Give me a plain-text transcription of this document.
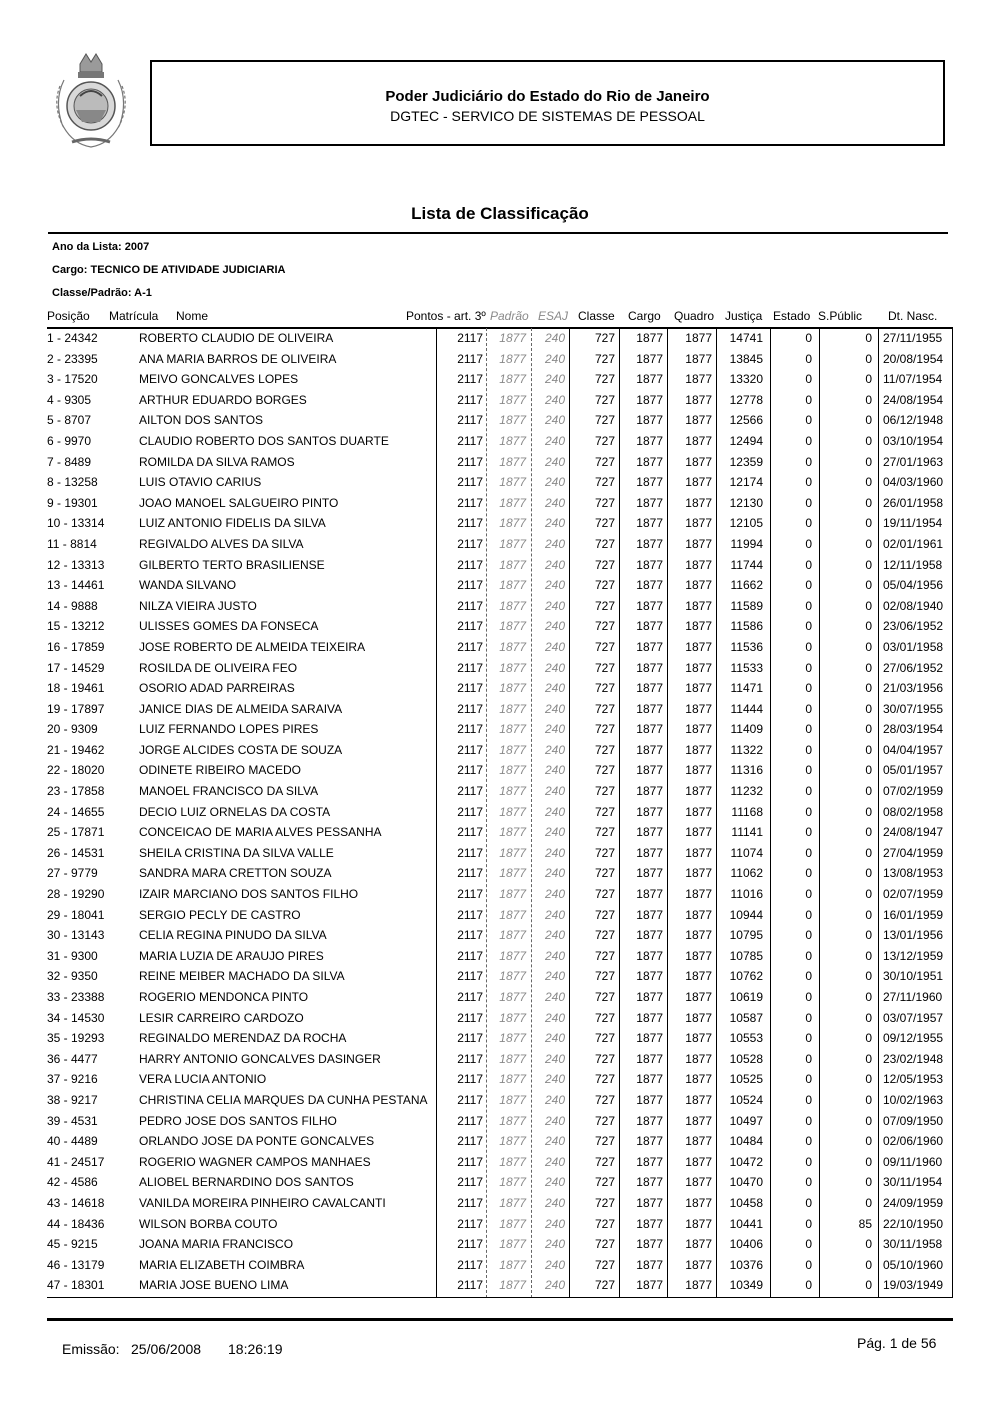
Poder Judiciário do Estado do Rio de Janeiro
DGTEC - SERVICO DE SISTEMAS DE PESSOAL
Lista de Classificação
Ano da Lista: 2007
Cargo: TECNICO DE ATIVIDADE JUDICIARIA
Classe/Padrão: A-1
Posição Matrícula Nome	Pontos - art. 3º Padrão ESAJ Classe Cargo Quadro Justiça Estado S.Públic Dt. Nasc.
1 - 24342	ROBERTO CLAUDIO DE OLIVEIRA	2117 1877 240 727 1877 1877 14741	0	0 27/11/1955
2 - 23395	ANA MARIA BARROS DE OLIVEIRA	2117 1877 240 727 1877 1877 13845	0	0 20/08/1954
3 - 17520	MEIVO GONCALVES LOPES	2117 1877 240 727 1877 1877 13320	0	0 11/07/1954
4 - 9305	ARTHUR EDUARDO BORGES	2117 1877 240 727 1877 1877 12778	0	0 24/08/1954
5 - 8707	AILTON DOS SANTOS	2117 1877 240 727 1877 1877 12566	0	0 06/12/1948
6 - 9970	CLAUDIO ROBERTO DOS SANTOS DUARTE	2117 1877 240 727 1877 1877 12494	0	0 03/10/1954
7 - 8489	ROMILDA DA SILVA RAMOS	2117 1877 240 727 1877 1877 12359	0	0 27/01/1963
8 - 13258	LUIS OTAVIO CARIUS	2117 1877 240 727 1877 1877 12174	0	0 04/03/1960
9 - 19301	JOAO MANOEL SALGUEIRO PINTO	2117 1877 240 727 1877 1877 12130	0	0 26/01/1958
10 - 13314	LUIZ ANTONIO FIDELIS DA SILVA	2117 1877 240 727 1877 1877 12105	0	0 19/11/1954
11 - 8814	REGIVALDO ALVES DA SILVA	2117 1877 240 727 1877 1877 11994	0	0 02/01/1961
12 - 13313	GILBERTO TERTO BRASILIENSE	2117 1877 240 727 1877 1877 11744	0	0 12/11/1958
13 - 14461	WANDA SILVANO	2117 1877 240 727 1877 1877 11662	0	0 05/04/1956
14 - 9888	NILZA VIEIRA JUSTO	2117 1877 240 727 1877 1877 11589	0	0 02/08/1940
15 - 13212	ULISSES GOMES DA FONSECA	2117 1877 240 727 1877 1877 11586	0	0 23/06/1952
16 - 17859	JOSE ROBERTO DE ALMEIDA TEIXEIRA	2117 1877 240 727 1877 1877 11536	0	0 03/01/1958
17 - 14529	ROSILDA DE OLIVEIRA FEO	2117 1877 240 727 1877 1877 11533	0	0 27/06/1952
18 - 19461	OSORIO ADAD PARREIRAS	2117 1877 240 727 1877 1877 11471	0	0 21/03/1956
19 - 17897	JANICE DIAS DE ALMEIDA SARAIVA	2117 1877 240 727 1877 1877 11444	0	0 30/07/1955
20 - 9309	LUIZ FERNANDO LOPES PIRES	2117 1877 240 727 1877 1877 11409	0	0 28/03/1954
21 - 19462	JORGE ALCIDES COSTA DE SOUZA	2117 1877 240 727 1877 1877 11322	0	0 04/04/1957
22 - 18020	ODINETE RIBEIRO MACEDO	2117 1877 240 727 1877 1877 11316	0	0 05/01/1957
23 - 17858	MANOEL FRANCISCO DA SILVA	2117 1877 240 727 1877 1877 11232	0	0 07/02/1959
24 - 14655	DECIO LUIZ ORNELAS DA COSTA	2117 1877 240 727 1877 1877 11168	0	0 08/02/1958
25 - 17871	CONCEICAO DE MARIA ALVES PESSANHA	2117 1877 240 727 1877 1877 11141	0	0 24/08/1947
26 - 14531	SHEILA CRISTINA DA SILVA VALLE	2117 1877 240 727 1877 1877 11074	0	0 27/04/1959
27 - 9779	SANDRA MARA CRETTON SOUZA	2117 1877 240 727 1877 1877 11062	0	0 13/08/1953
28 - 19290	IZAIR MARCIANO DOS SANTOS FILHO	2117 1877 240 727 1877 1877 11016	0	0 02/07/1959
29 - 18041	SERGIO PECLY DE CASTRO	2117 1877 240 727 1877 1877 10944	0	0 16/01/1959
30 - 13143	CELIA REGINA PINUDO DA SILVA	2117 1877 240 727 1877 1877 10795	0	0 13/01/1956
31 - 9300	MARIA LUZIA DE ARAUJO PIRES	2117 1877 240 727 1877 1877 10785	0	0 13/12/1959
32 - 9350	REINE MEIBER MACHADO DA SILVA	2117 1877 240 727 1877 1877 10762	0	0 30/10/1951
33 - 23388	ROGERIO MENDONCA PINTO	2117 1877 240 727 1877 1877 10619	0	0 27/11/1960
34 - 14530	LESIR CARREIRO CARDOZO	2117 1877 240 727 1877 1877 10587	0	0 03/07/1957
35 - 19293	REGINALDO MERENDAZ DA ROCHA	2117 1877 240 727 1877 1877 10553	0	0 09/12/1955
36 - 4477	HARRY ANTONIO GONCALVES DASINGER	2117 1877 240 727 1877 1877 10528	0	0 23/02/1948
37 - 9216	VERA LUCIA ANTONIO	2117 1877 240 727 1877 1877 10525	0	0 12/05/1953
38 - 9217	CHRISTINA CELIA MARQUES DA CUNHA PESTANA 2117 1877 240 727 1877 1877 10524	0	0 10/02/1963
39 - 4531	PEDRO JOSE DOS SANTOS FILHO	2117 1877 240 727 1877 1877 10497	0	0 07/09/1950
40 - 4489	ORLANDO JOSE DA PONTE GONCALVES	2117 1877 240 727 1877 1877 10484	0	0 02/06/1960
41 - 24517	ROGERIO WAGNER CAMPOS MANHAES	2117 1877 240 727 1877 1877 10472	0	0 09/11/1960
42 - 4586	ALIOBEL BERNARDINO DOS SANTOS	2117 1877 240 727 1877 1877 10470	0	0 30/11/1954
43 - 14618	VANILDA MOREIRA PINHEIRO CAVALCANTI	2117 1877 240 727 1877 1877 10458	0	0 24/09/1959
44 - 18436	WILSON BORBA COUTO	2117 1877 240 727 1877 1877 10441	0	85 22/10/1950
45 - 9215	JOANA MARIA FRANCISCO	2117 1877 240 727 1877 1877 10406	0	0 30/11/1958
46 - 13179	MARIA ELIZABETH COIMBRA	2117 1877 240 727 1877 1877 10376	0	0 05/10/1960
47 - 18301	MARIA JOSE BUENO LIMA	2117 1877 240 727 1877 1877 10349	0	0 19/03/1949
Emissão: 25/06/2008 18:26:19	Pág. 1 de 56
